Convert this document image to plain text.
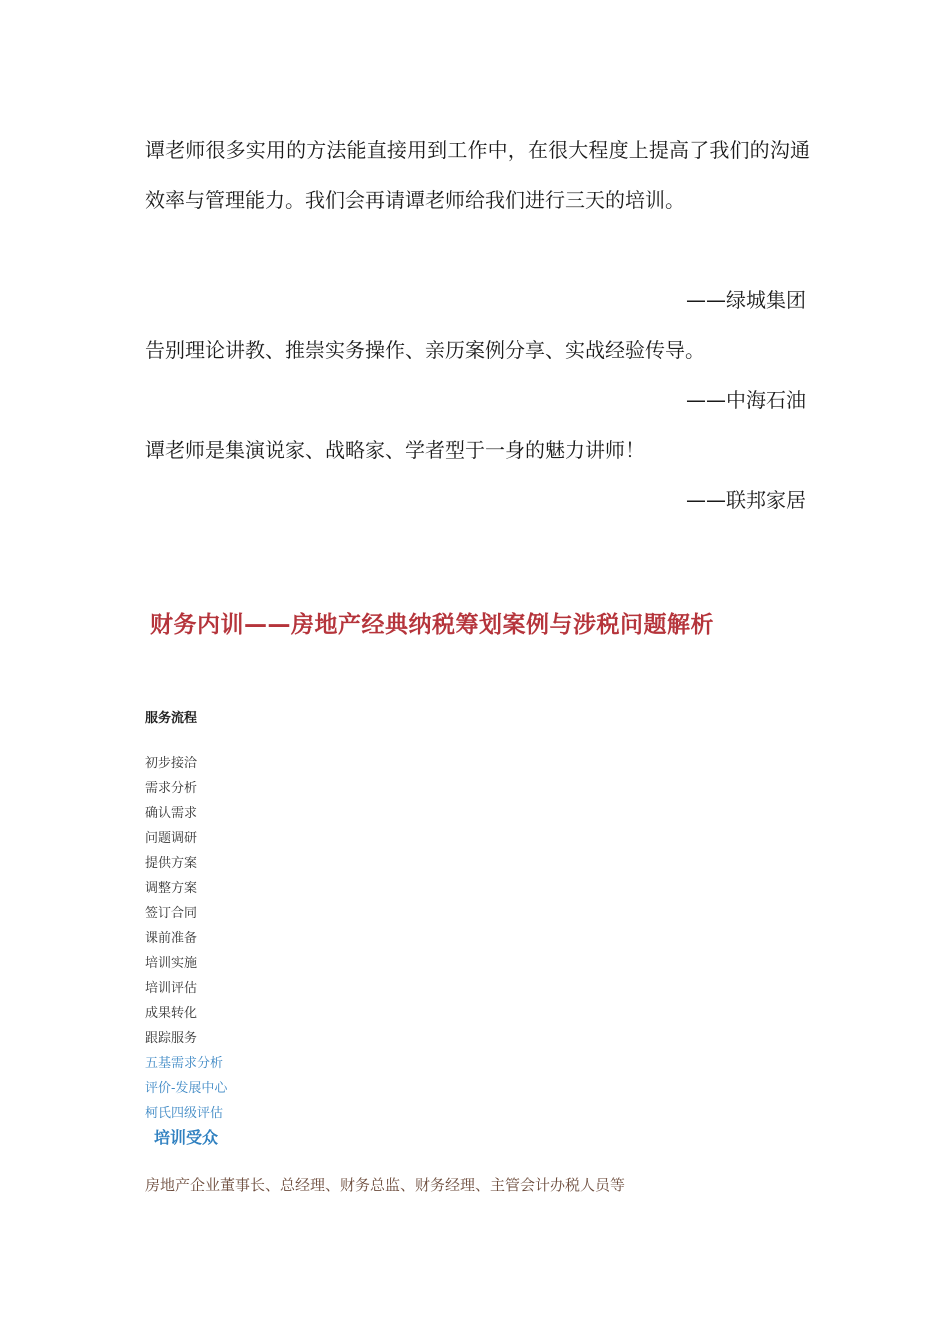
谭老师很多实用的方法能直接用到工作中，在很大程度上提高了我们的沟通效率与管理能力。我们会再请谭老师给我们进行三天的培训。

——绿城集团

告别理论讲教、推崇实务操作、亲历案例分享、实战经验传导。

——中海石油

谭老师是集演说家、战略家、学者型于一身的魅力讲师！

——联邦家居

财务内训——房地产经典纳税筹划案例与涉税问题解析
服务流程
初步接洽
需求分析
确认需求
问题调研
提供方案
调整方案
签订合同
课前准备
培训实施
培训评估
成果转化
跟踪服务
五基需求分析
评价-发展中心
柯氏四级评估
培训受众

房地产企业董事长、总经理、财务总监、财务经理、主管会计办税人员等
